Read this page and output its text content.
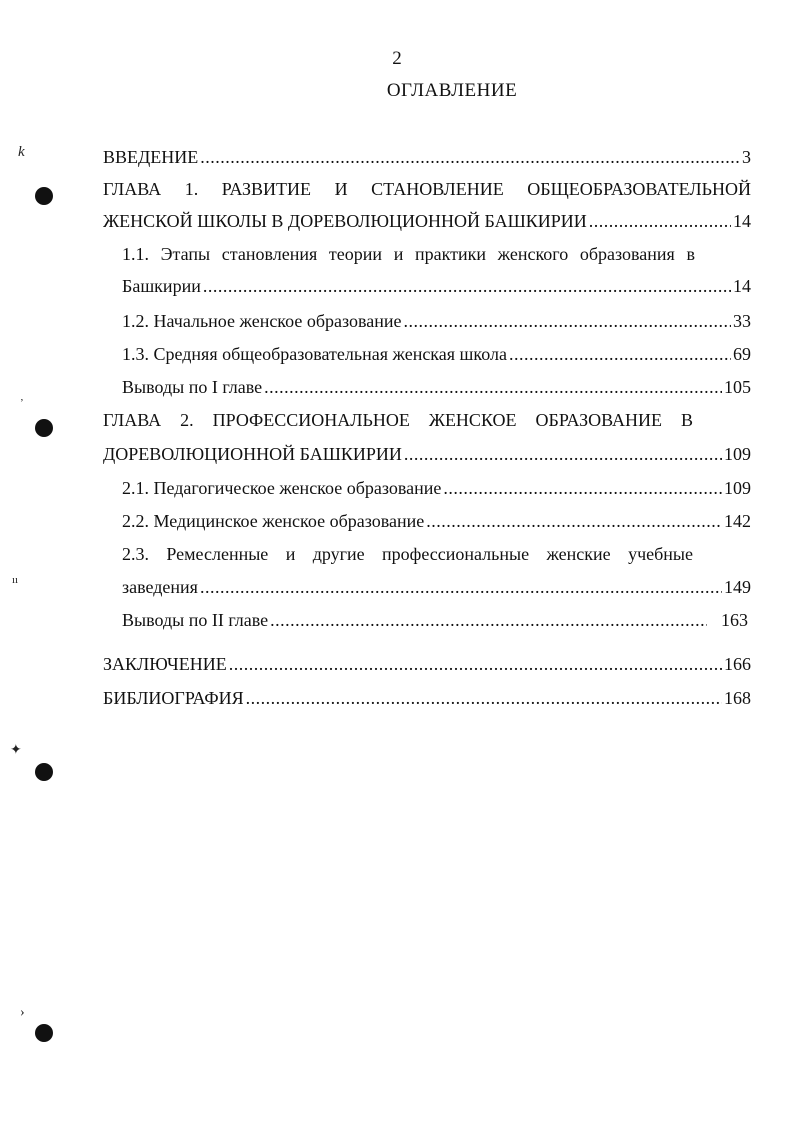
2
ОГЛАВЛЕНИЕ
k
ʼ
ıı
✦
›
ВВЕДЕНИЕ .....	3
ГЛАВА 1. РАЗВИТИЕ И СТАНОВЛЕНИЕ ОБЩЕОБРАЗОВАТЕЛЬНОЙ
ЖЕНСКОЙ ШКОЛЫ В ДОРЕВОЛЮЦИОННОЙ БАШКИРИИ .....	14
1.1. Этапы становления теории и практики женского образования в
Башкирии .....	14
1.2. Начальное женское образование .....	33
1.3. Средняя общеобразовательная женская школа .....	69
Выводы по I главе .....	105
ГЛАВА 2. ПРОФЕССИОНАЛЬНОЕ ЖЕНСКОЕ ОБРАЗОВАНИЕ В
ДОРЕВОЛЮЦИОННОЙ БАШКИРИИ .....	109
2.1. Педагогическое женское образование .....	109
2.2. Медицинское женское образование .....	142
2.3. Ремесленные и другие профессиональные женские учебные
заведения .....	149
Выводы по II главе .....	163
ЗАКЛЮЧЕНИЕ .....	166
БИБЛИОГРАФИЯ .....	168
